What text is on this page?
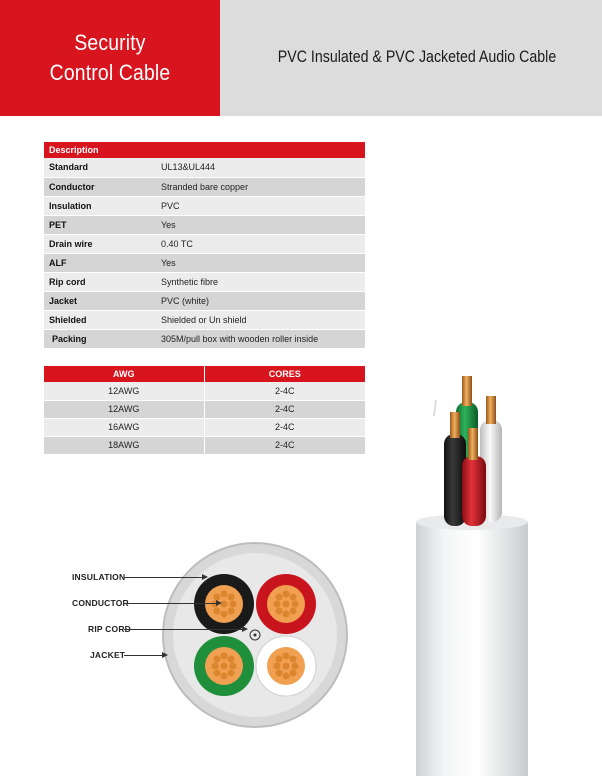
Security
Control Cable
PVC Insulated & PVC Jacketed Audio Cable
Description	
Standard	UL13&UL444
Conductor	Stranded bare copper
Insulation	PVC
PET	Yes
Drain wire	0.40 TC
ALF	Yes
Rip cord	Synthetic fibre
Jacket	PVC (white)
Shielded	Shielded or Un shield
Packing	305M/pull box with wooden roller inside
AWG	CORES
12AWG	2-4C
12AWG	2-4C
16AWG	2-4C
18AWG	2-4C
INSULATION
CONDUCTOR
RIP CORD
JACKET
